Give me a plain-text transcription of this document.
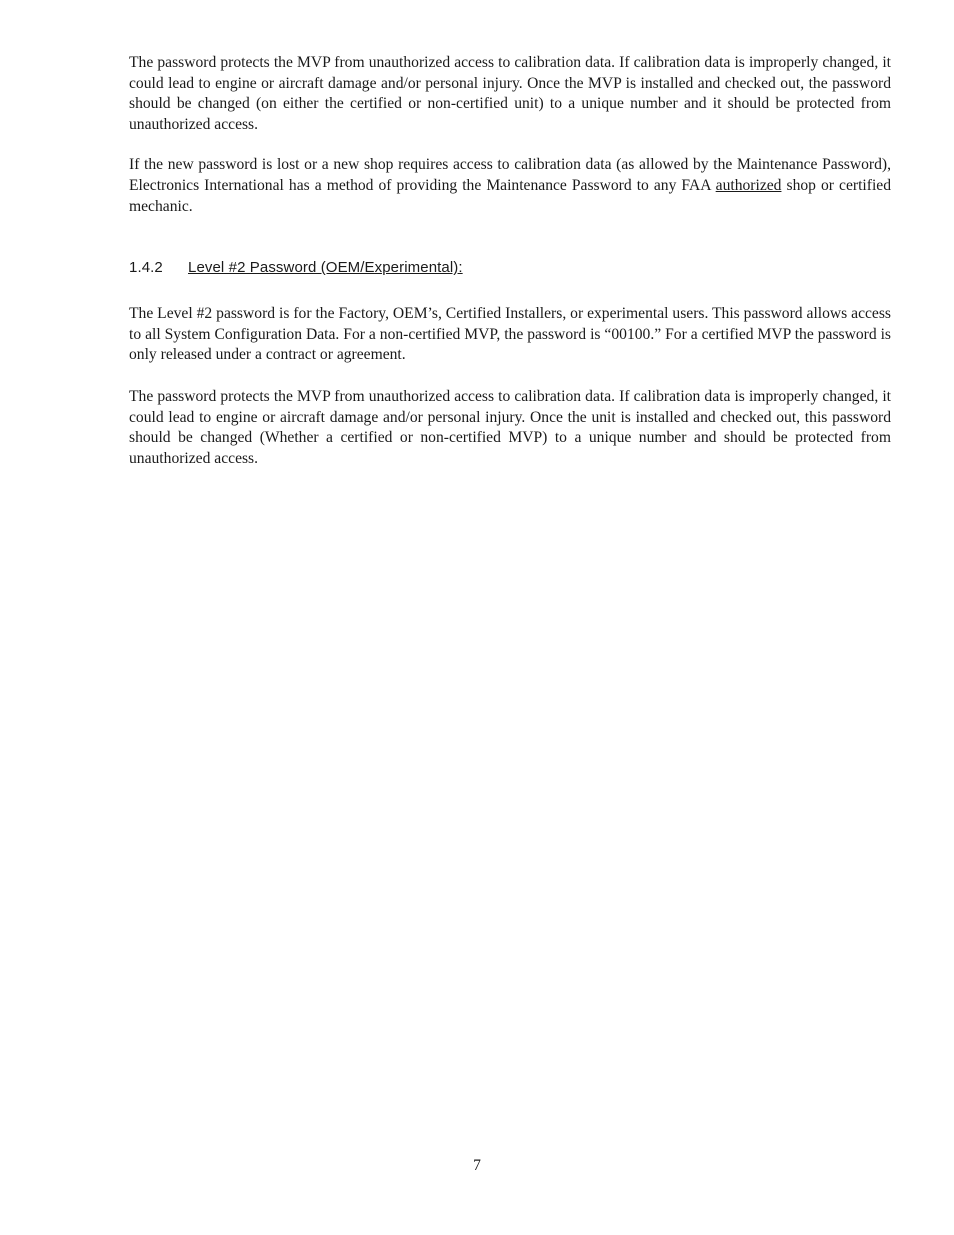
The password protects the MVP from unauthorized access to calibration data. If calibration data is improperly changed, it could lead to engine or aircraft damage and/or personal injury. Once the MVP is installed and checked out, the password should be changed (on either the certified or non-certified unit) to a unique number and it should be protected from unauthorized access.

If the new password is lost or a new shop requires access to calibration data (as allowed by the Maintenance Password), Electronics International has a method of providing the Maintenance Password to any FAA authorized shop or certified mechanic.

1.4.2 Level #2 Password (OEM/Experimental):

The Level #2 password is for the Factory, OEM’s, Certified Installers, or experimental users. This password allows access to all System Configuration Data. For a non-certified MVP, the password is “00100.” For a certified MVP the password is only released under a contract or agreement.

The password protects the MVP from unauthorized access to calibration data. If calibration data is improperly changed, it could lead to engine or aircraft damage and/or personal injury. Once the unit is installed and checked out, this password should be changed (Whether a certified or non-certified MVP) to a unique number and should be protected from unauthorized access.

7
